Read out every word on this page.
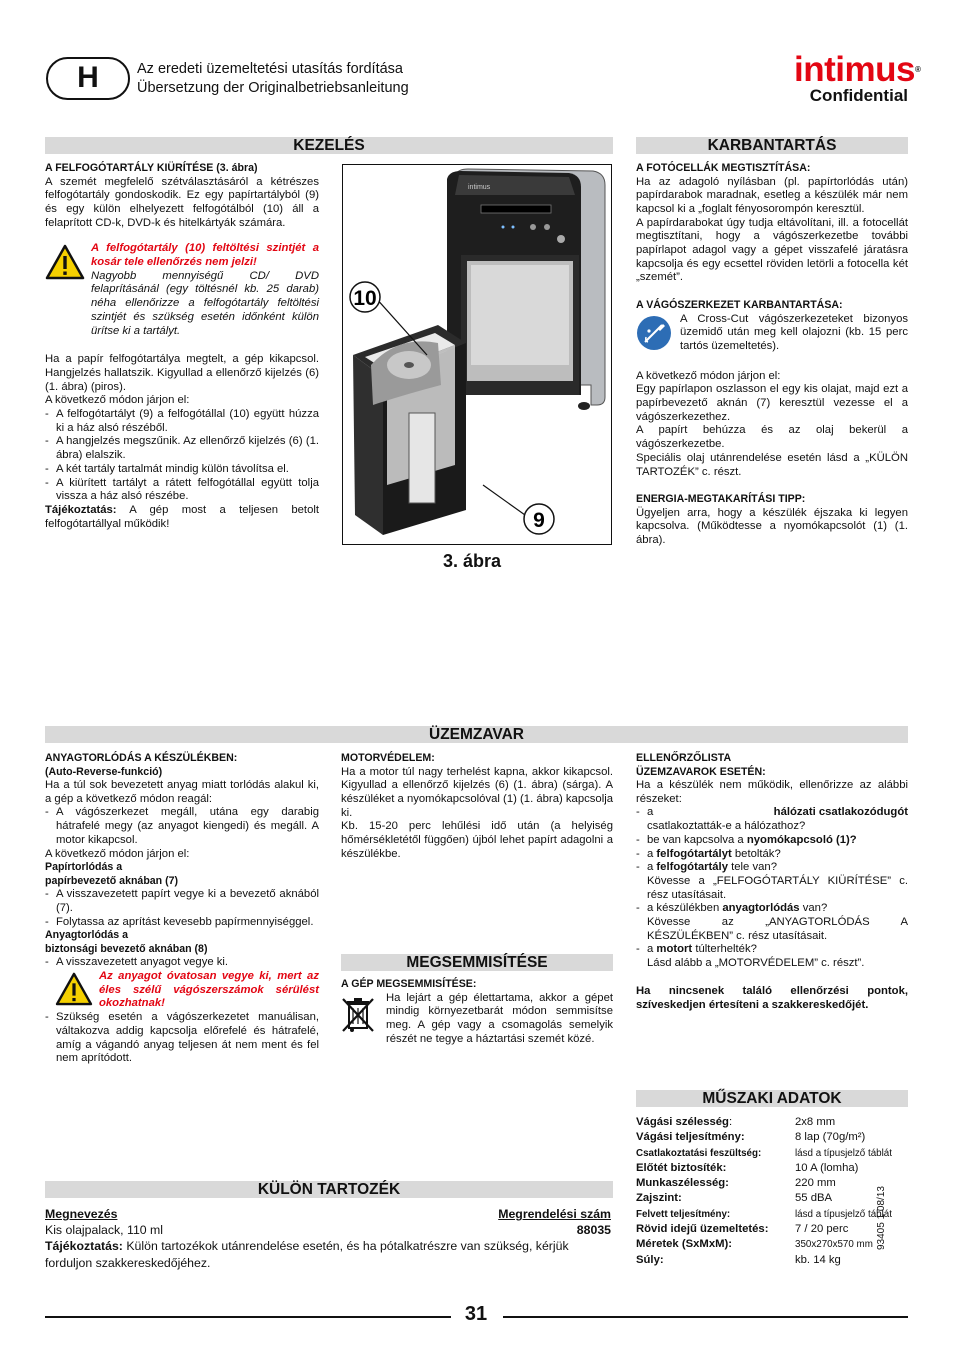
H	Az eredeti üzemeltetési utasítás fordítása
Übersetzung der Originalbetriebsanleitung	intimus®
Confidential
KEZELÉS

A FELFOGÓTARTÁLY KIÜRÍTÉSE (3. ábra)

A szemét megfelelő szétválasztásáról a kétrészes felfogótartály gondoskodik. Ez egy papírtartályból (9) és egy külön elhelyezett felfogótálból (10) áll a felaprított CD-k, DVD-k és hitelkártyák számára.

A felfogótartály (10) feltöltési szintjét a kosár tele ellenőrzés nem jelzi!

Nagyobb mennyiségű CD/ DVD felaprításánál (egy töltésnél kb. 25 darab) néha ellenőrizze a felfogótartály feltöltési szintjét és szükség esetén időnként külön ürítse ki a tartályt.

Ha a papír felfogótartálya megtelt, a gép kikapcsol. Hangjelzés hallatszik. Kigyullad a ellenőrző kijelzés (6) (1. ábra) (piros).

A következő módon járjon el:

- A felfogótartályt (9) a felfogótállal (10) együtt húzza ki a ház alsó részéből.
- A hangjelzés megszűnik. Az ellenőrző kijelzés (6) (1. ábra) elalszik.
- A két tartály tartalmát mindig külön távolítsa el.
- A kiürített tartályt a rátett felfogótállal együtt tolja vissza a ház alsó részébe.

Tájékoztatás: A gép most a teljesen betolt felfogótartállyal működik!

intimus
10
9
3. ábra
KARBANTARTÁS

A FOTÓCELLÁK MEGTISZTÍTÁSA:

Ha az adagoló nyílásban (pl. papírtorlódás után) papírdarabok maradnak, esetleg a készülék már nem kapcsol ki a „foglalt fényosorompón keresztül.

A papírdarabokat úgy tudja eltávolítani, ill. a fotocellát megtisztítani, hogy a vágószerkezetbe további papírlapot adagol vagy a gépet visszafelé járatásra kapcsolja és egy ecsettel röviden letörli a fotocella két „szemét”.

A VÁGÓSZERKEZET KARBANTARTÁSA:

A Cross-Cut vágószerkezeteket bizonyos üzemidő után meg kell olajozni (kb. 15 perc tartós üzemeltetés).

A következő módon járjon el:

Egy papírlapon oszlasson el egy kis olajat, majd ezt a papírbevezető aknán (7) keresztül vezesse el a vágószerkezethez.

A papírt behúzza és az olaj bekerül a vágószerkezetbe.

Speciális olaj utánrendelése esetén lásd a „KÜLÖN TARTOZÉK” c. részt.

ENERGIA-MEGTAKARÍTÁSI TIPP:

Ügyeljen arra, hogy a készülék éjszaka ki legyen kapcsolva. (Működtesse a nyomókapcsolót (1) (1. ábra).

ÜZEMZAVAR

ANYAGTORLÓDÁS A KÉSZÜLÉKBEN:

(Auto-Reverse-funkció)

Ha a túl sok bevezetett anyag miatt torlódás alakul ki, a gép a következő módon reagál:

- A vágószerkezet megáll, utána egy darabig hátrafelé megy (az anyagot kiengedi) és megáll. A motor kikapcsol.

A következő módon járjon el:

Papírtorlódás a

papírbevezető aknában (7)

- A visszavezetett papírt vegye ki a bevezető aknából (7).
- Folytassa az aprítást kevesebb papírmennyiséggel.

Anyagtorlódás a

biztonsági bevezető aknában (8)

- A visszavezetett anyagot vegye ki.

Az anyagot óvatosan vegye ki, mert az éles szélű vágószerszámok sérülést okozhatnak!

- Szükség esetén a vágószerkezetet manuálisan, váltakozva addig kapcsolja előrefelé és hátrafelé, amíg a vágandó anyag teljesen át nem ment és fel nem aprítódott.

MOTORVÉDELEM:

Ha a motor túl nagy terhelést kapna, akkor kikapcsol. Kigyullad a ellenőrző kijelzés (6) (1. ábra) (sárga). A készüléket a nyomókapcsolóval (1) (1. ábra) kapcsolja ki.

Kb. 15-20 perc lehűlési idő után (a helyiség hőmérsékletétől függően) újból lehet papírt adagolni a készülékbe.

ELLENŐRZŐLISTA

ÜZEMZAVAROK ESETÉN:

Ha a készülék nem működik, ellenőrizze az alábbi részeket:

- a	hálózati csatlakozódugót
csatlakoztatták-e a hálózathoz?
- be van kapcsolva a nyomókapcsoló (1)?
- a felfogótartályt betolták?
- a felfogótartály tele van?
Kövesse a „FELFOGÓTARTÁLY KIÜRÍTÉSE” c. rész utasításait.
- a készülékben anyagtorlódás van?
Kövesse az „ANYAGTORLÓDÁS A KÉSZÜLÉKBEN” c. rész utasításait.
- a motort túlterhelték?
Lásd alább a „MOTORVÉDELEM” c. részt”.

Ha nincsenek találó ellenőrzési pontok, szíveskedjen értesíteni a szakkereskedőjét.

MEGSEMMISÍTÉSE

A GÉP MEGSEMMISÍTÉSE:

Ha lejárt a gép élettartama, akkor a gépet mindig környezetbarát módon semmisítse meg. A gép vagy a csomagolás semelyik részét ne tegye a háztartási szemét közé.

MŰSZAKI ADATOK
Vágási szélesség:	2x8 mm
Vágási teljesítmény:	8 lap (70g/m²)
Csatlakoztatási feszültség:	lásd a típusjelző táblát
Előtét biztosíték:	10 A (lomha)
Munkaszélesség:	220 mm
Zajszint:	55 dBA
Felvett teljesítmény:	lásd a típusjelző táblát
Rövid idejű üzemeltetés:	7 / 20 perc
Méretek (SxMxM):	350x270x570 mm
Súly:	kb. 14 kg
KÜLÖN TARTOZÉK
Megnevezés	Megrendelési szám
Kis olajpalack, 110 ml	88035

Tájékoztatás: Külön tartozékok utánrendelése esetén, és ha pótalkatrészre van szükség, kérjük forduljon szakkereskedőjéhez.

93405 1 08/13
31
